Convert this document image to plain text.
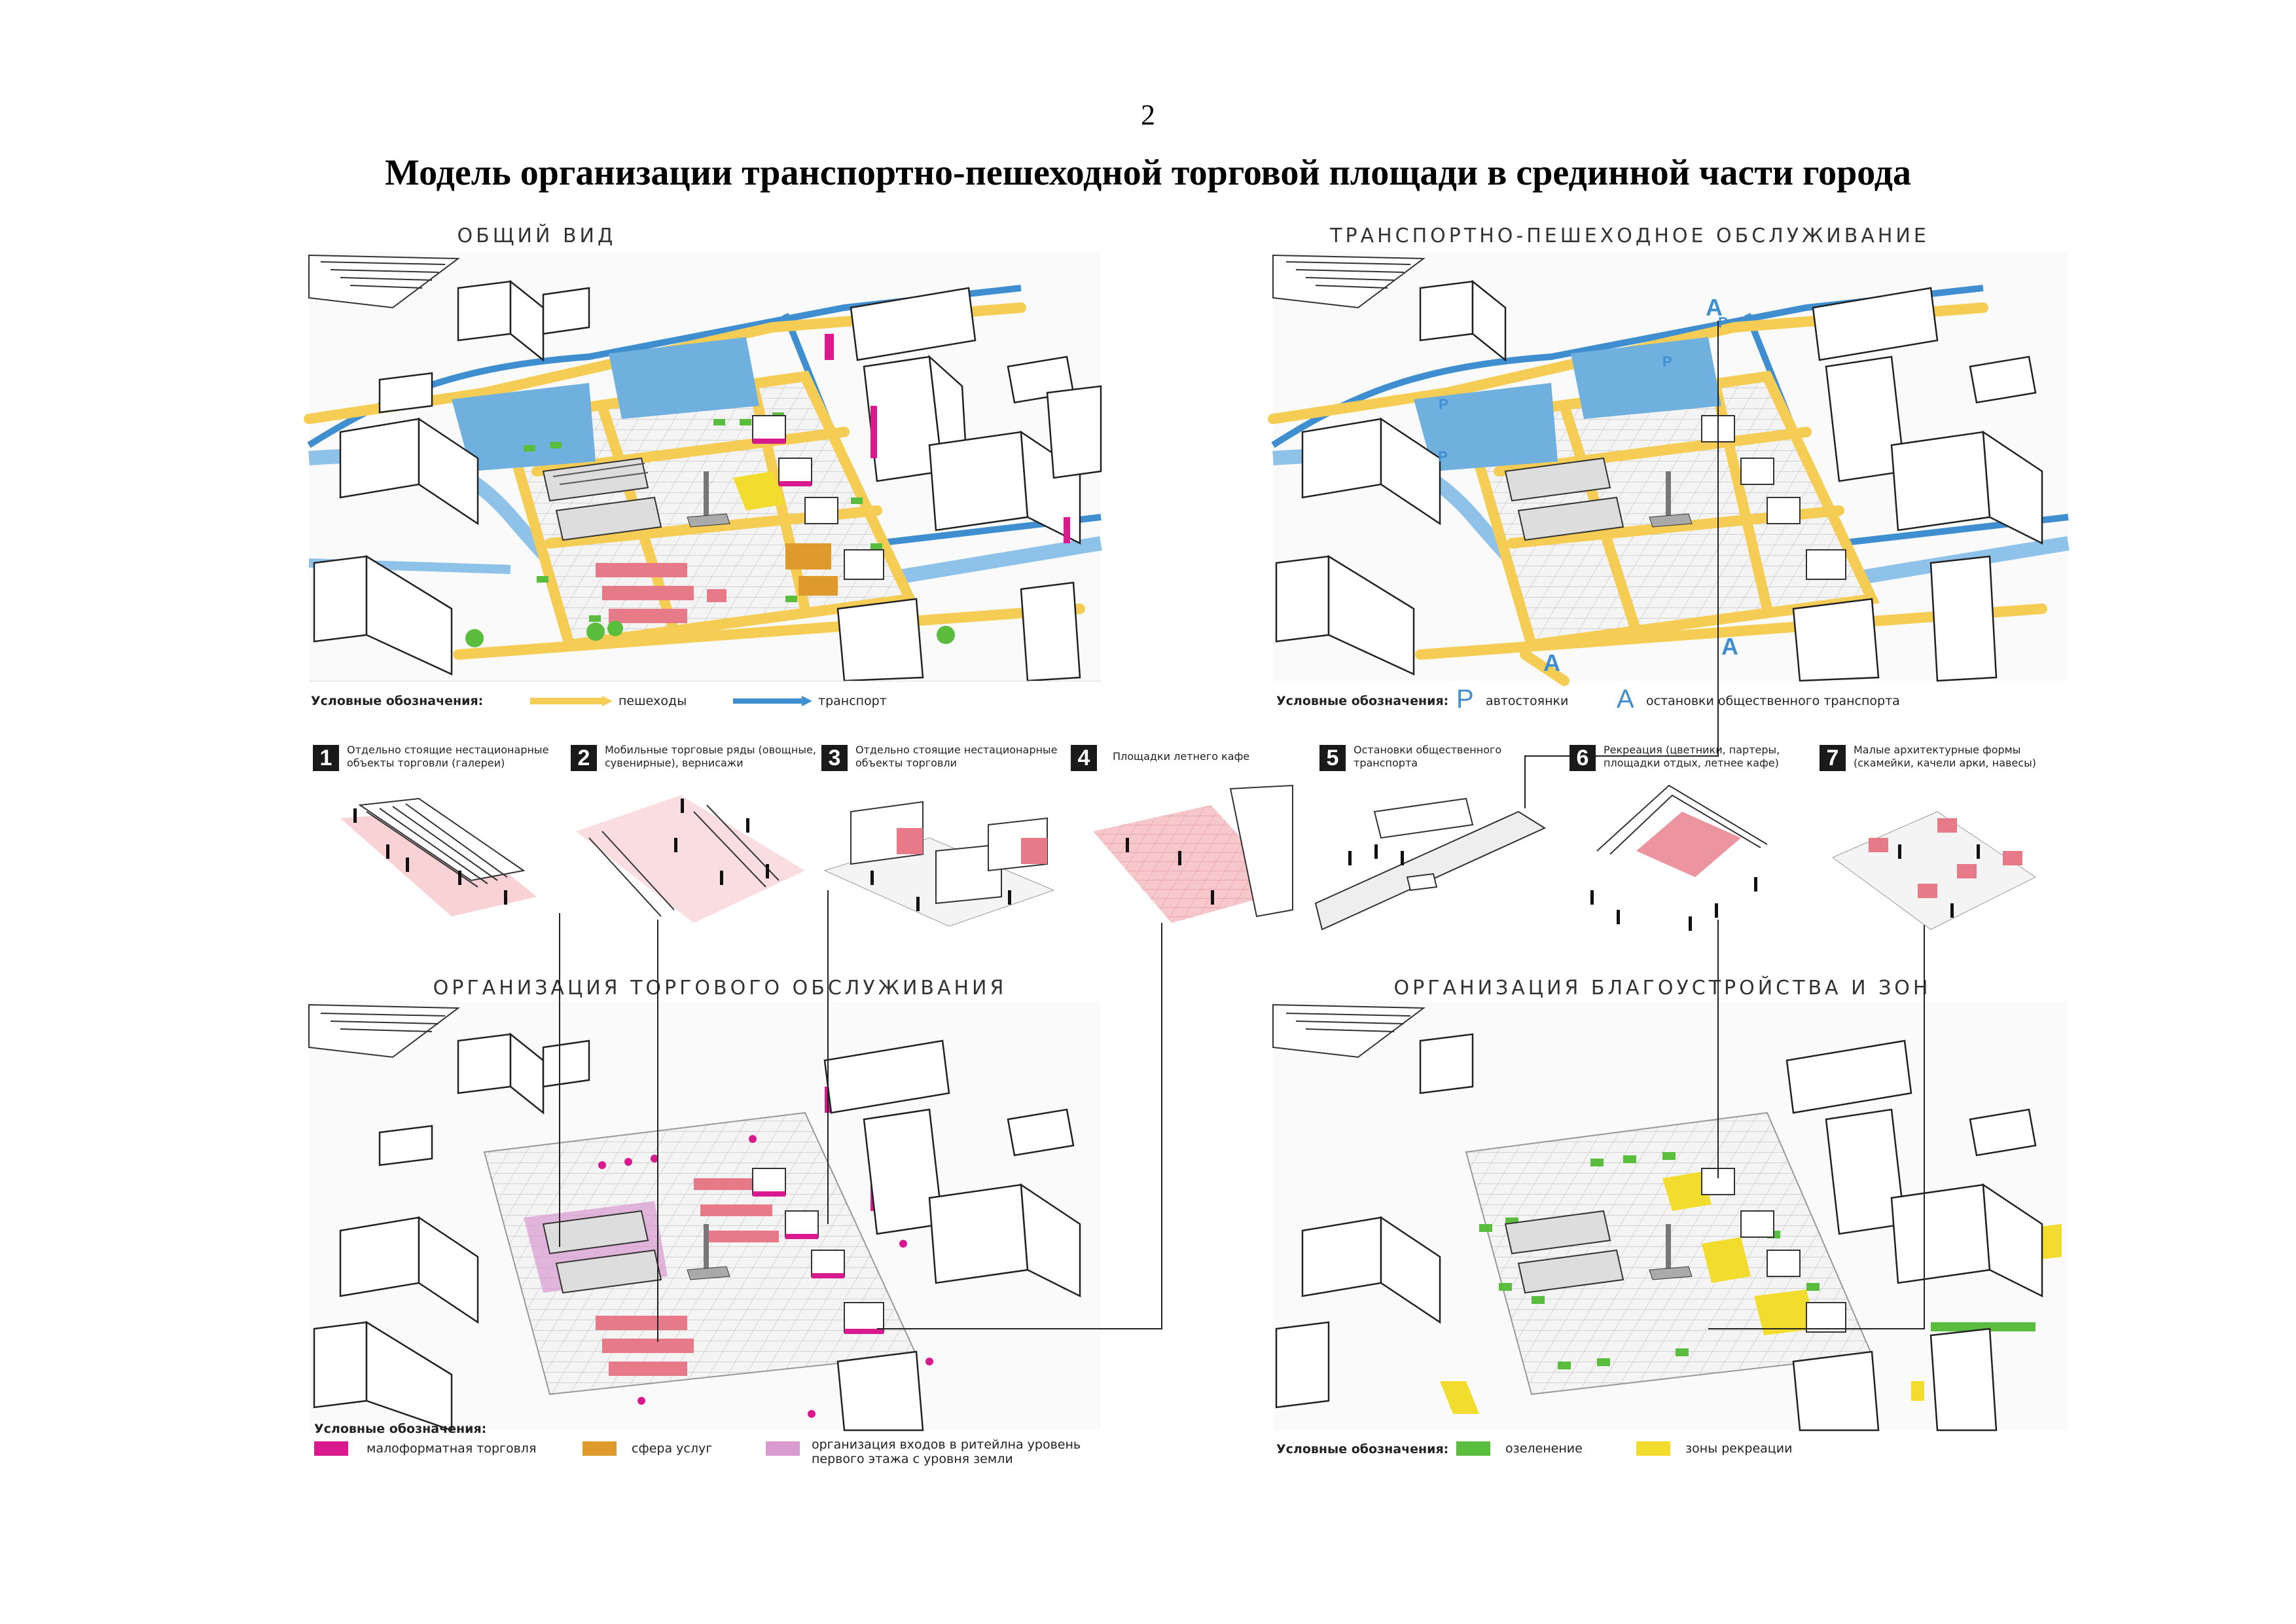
2
Модель организации транспортно-пешеходной торговой площади в срединной части города
ОБЩИЙ ВИД	ТРАНСПОРТНО-ПЕШЕХОДНОЕ ОБСЛУЖИВАНИЕ
ОРГАНИЗАЦИЯ ТОРГОВОГО ОБСЛУЖИВАНИЯ	ОРГАНИЗАЦИЯ БЛАГОУСТРОЙСТВА И ЗОН
P
P
P
P
A
A
A
Условные обозначения:	пешеходы	транспорт	Условные обозначения: P автостоянки A остановки общественного транспорта
Условные обозначения:
малоформатная торговля	сфера услуг	организация входов в ритейлна уровень первого этажа с уровня земли
Условные обозначения:	озеленение	зоны рекреации
1	Отдельно стоящие нестационарные объекты торговли (галереи)	2	Мобильные торговые ряды (овощные, сувенирные), вернисажи	3	Отдельно стоящие нестационарные объекты торговли	4	Площадки летнего кафе	5	Остановки общественного транспорта	6	Рекреация (цветники, партеры, площадки отдых, летнее кафе)	7	Малые архитектурные формы (скамейки, качели арки, навесы)
